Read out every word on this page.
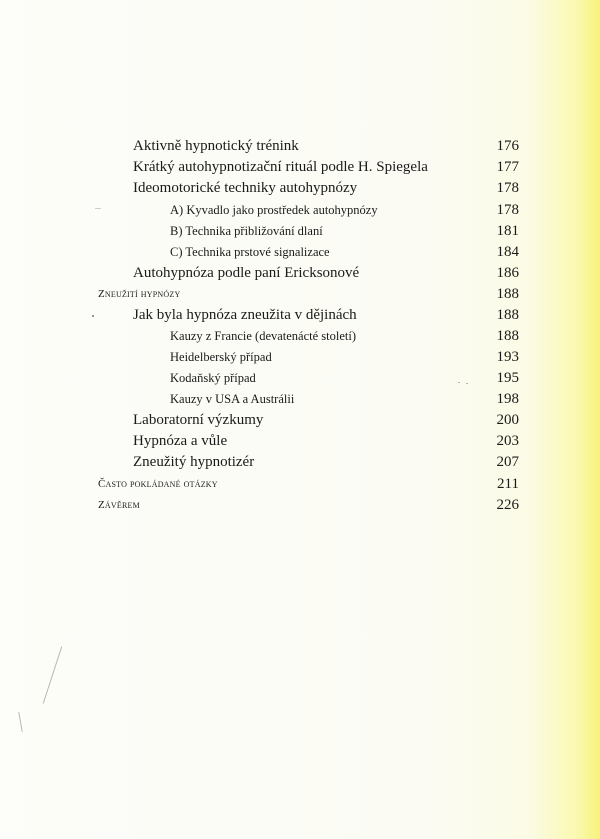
Aktivně hypnotický trénink	176
Krátký autohypnotizační rituál podle H. Spiegela	177
Ideomotorické techniky autohypnózy	178
A) Kyvadlo jako prostředek autohypnózy	178
B) Technika přibližování dlaní	181
C) Technika prstové signalizace	184
Autohypnóza podle paní Ericksonové	186
Zneužití hypnózy	188
Jak byla hypnóza zneužita v dějinách	188
Kauzy z Francie (devatenácté století)	188
Heidelberský případ	193
Kodaňský případ	195
Kauzy v USA a Austrálii	198
Laboratorní výzkumy	200
Hypnóza a vůle	203
Zneužitý hypnotizér	207
Často pokládané otázky	211
Závěrem	226
